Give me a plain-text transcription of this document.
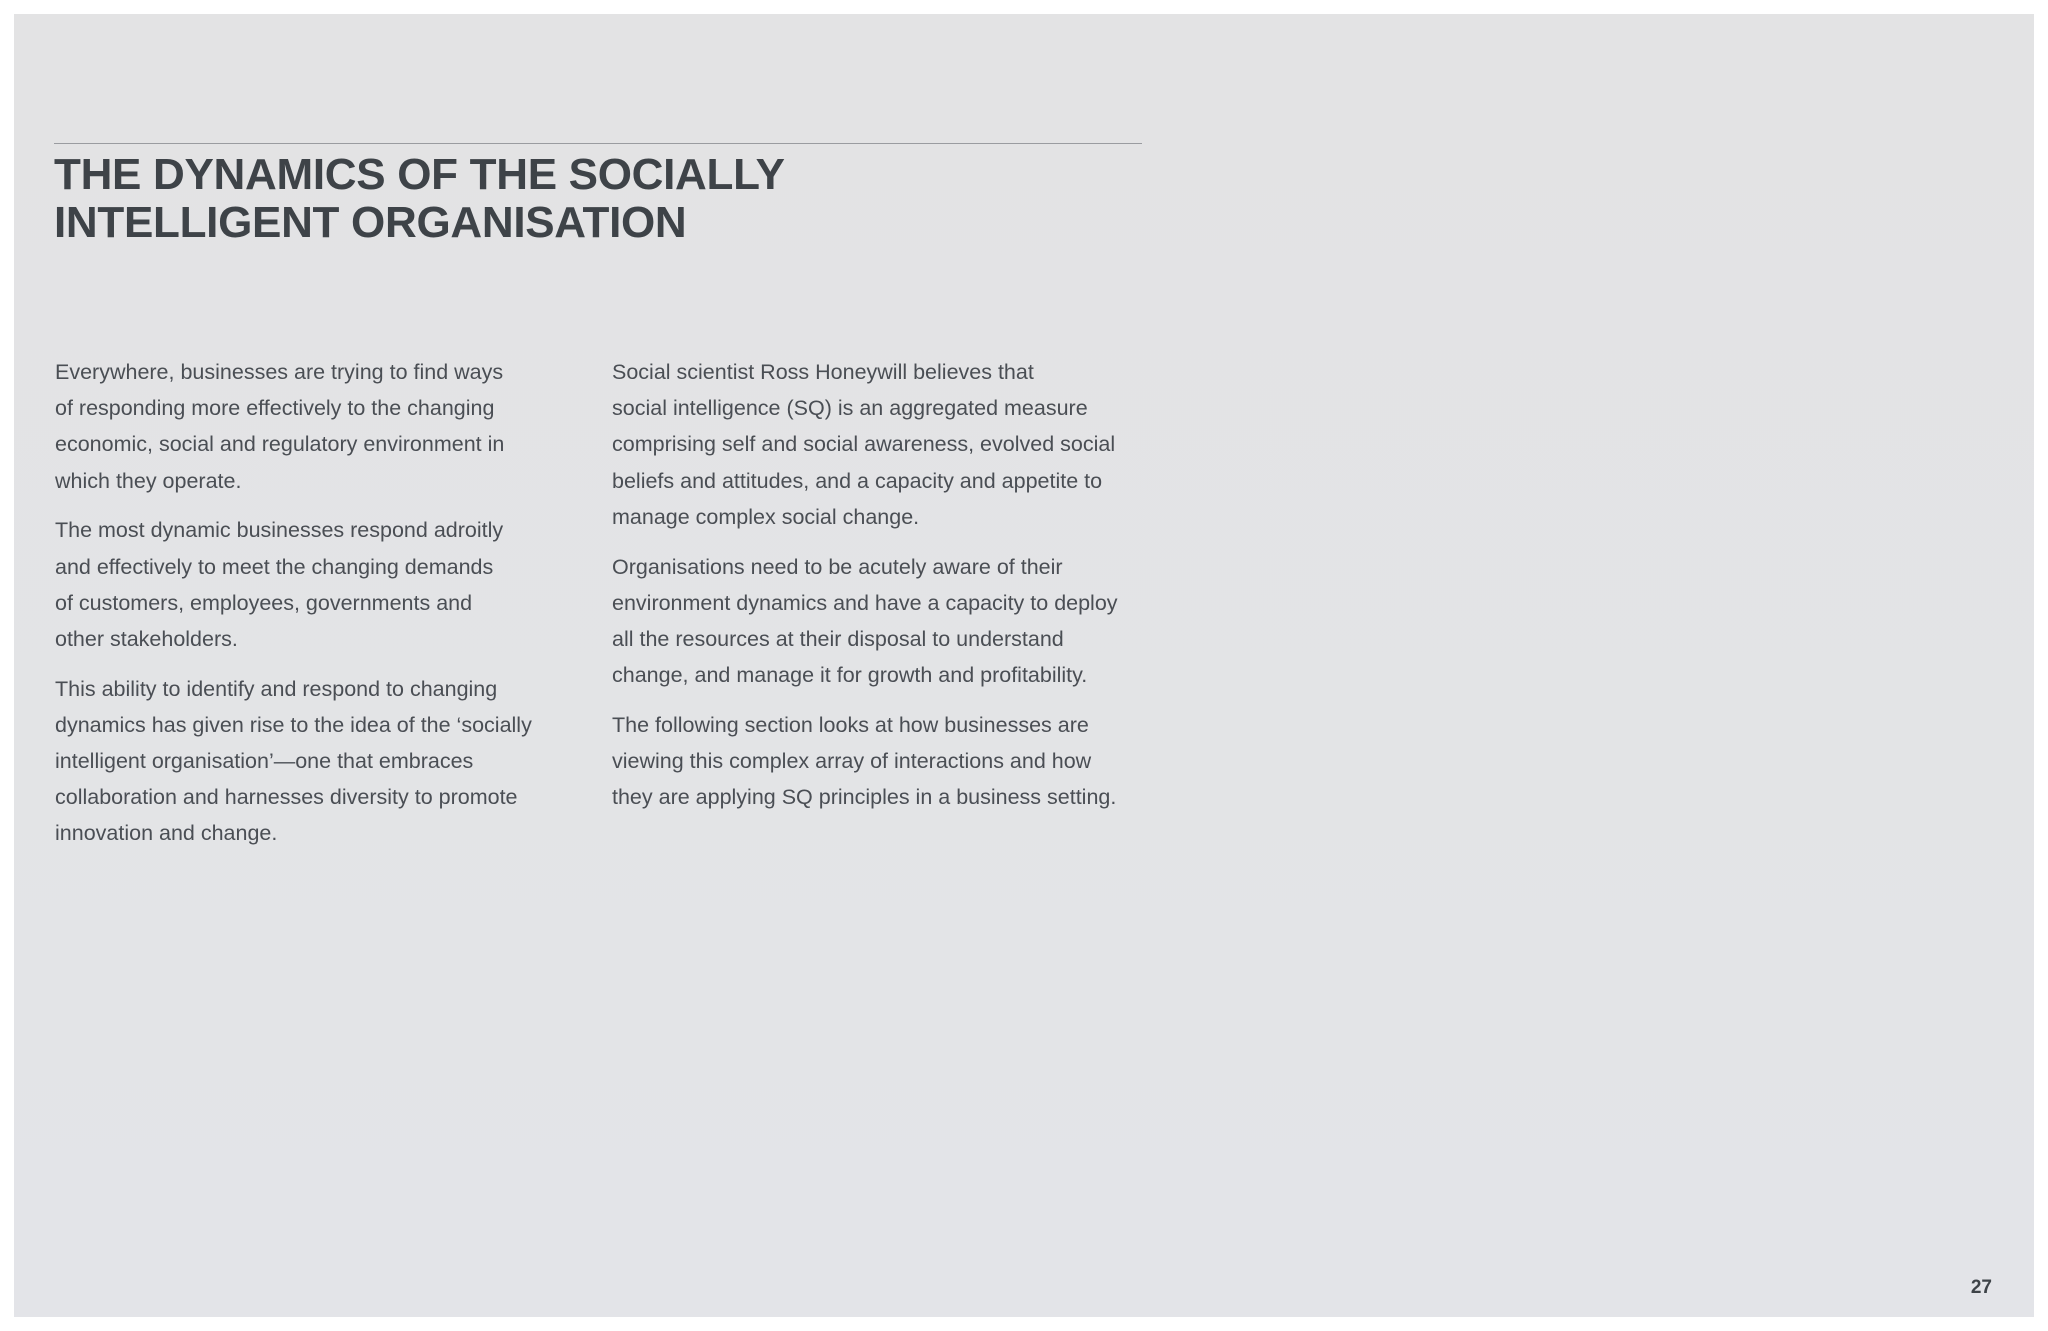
THE DYNAMICS OF THE SOCIALLY
INTELLIGENT ORGANISATION

Everywhere, businesses are trying to find ways
of responding more effectively to the changing
economic, social and regulatory environment in
which they operate.

The most dynamic businesses respond adroitly
and effectively to meet the changing demands
of customers, employees, governments and
other stakeholders.

This ability to identify and respond to changing
dynamics has given rise to the idea of the ‘socially
intelligent organisation’—one that embraces
collaboration and harnesses diversity to promote
innovation and change.

Social scientist Ross Honeywill believes that
social intelligence (SQ) is an aggregated measure
comprising self and social awareness, evolved social
beliefs and attitudes, and a capacity and appetite to
manage complex social change.

Organisations need to be acutely aware of their
environment dynamics and have a capacity to deploy
all the resources at their disposal to understand
change, and manage it for growth and profitability.

The following section looks at how businesses are
viewing this complex array of interactions and how
they are applying SQ principles in a business setting.

27
